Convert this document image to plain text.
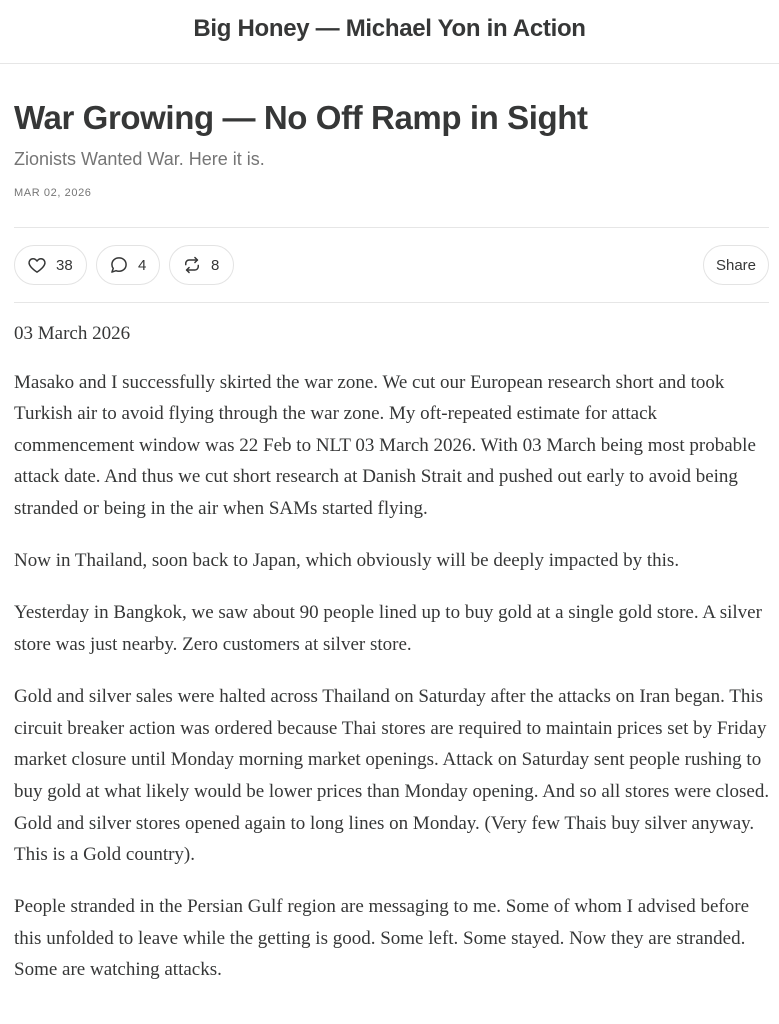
Big Honey — Michael Yon in Action
War Growing — No Off Ramp in Sight
Zionists Wanted War. Here it is.
MAR 02, 2026
38	4	8	Share

03 March 2026

Masako and I successfully skirted the war zone. We cut our European research short and took Turkish air to avoid flying through the war zone. My oft-repeated estimate for attack commencement window was 22 Feb to NLT 03 March 2026. With 03 March being most probable attack date. And thus we cut short research at Danish Strait and pushed out early to avoid being stranded or being in the air when SAMs started flying.

Now in Thailand, soon back to Japan, which obviously will be deeply impacted by this.

Yesterday in Bangkok, we saw about 90 people lined up to buy gold at a single gold store. A silver store was just nearby. Zero customers at silver store.

Gold and silver sales were halted across Thailand on Saturday after the attacks on Iran began. This circuit breaker action was ordered because Thai stores are required to maintain prices set by Friday market closure until Monday morning market openings. Attack on Saturday sent people rushing to buy gold at what likely would be lower prices than Monday opening. And so all stores were closed. Gold and silver stores opened again to long lines on Monday. (Very few Thais buy silver anyway. This is a Gold country).

People stranded in the Persian Gulf region are messaging to me. Some of whom I advised before this unfolded to leave while the getting is good. Some left. Some stayed. Now they are stranded. Some are watching attacks.
